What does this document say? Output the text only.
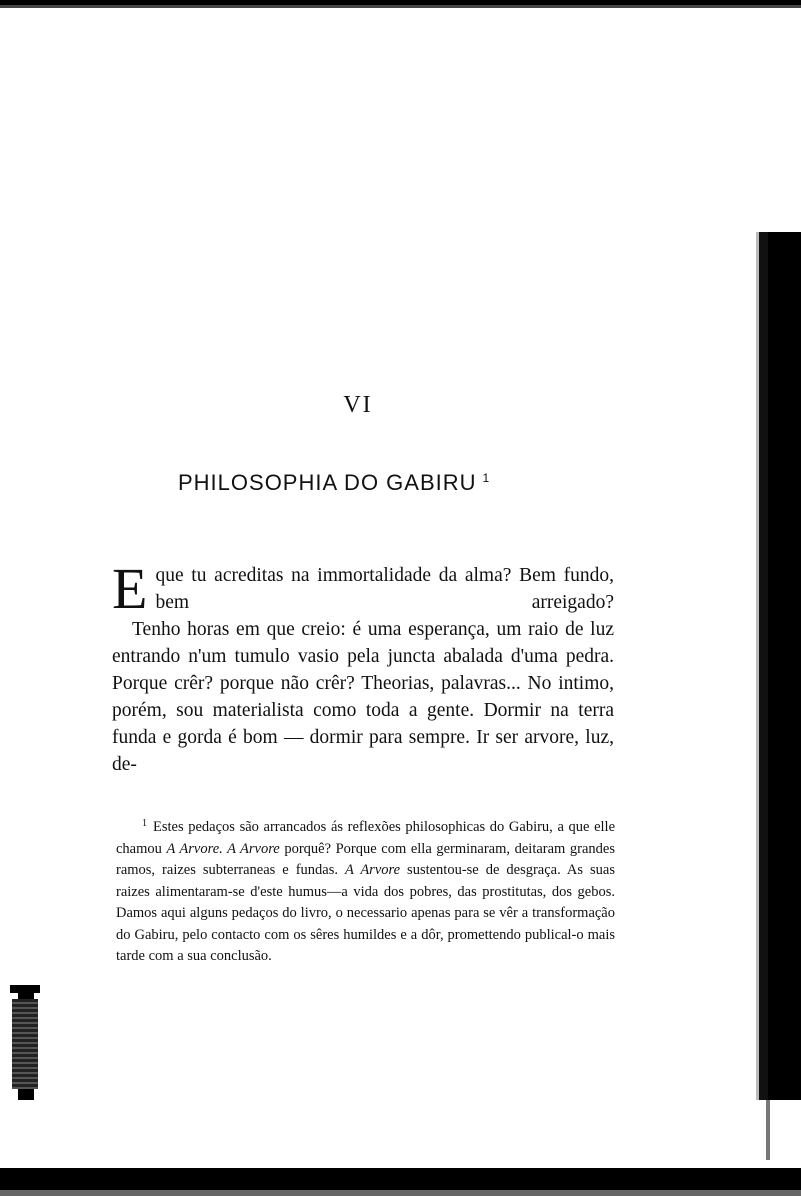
VI
PHILOSOPHIA DO GABIRU $^1$

Eque tu acreditas na immortalidade da alma? Bem fundo, bem arreigado?

Tenho horas em que creio: é uma esperança, um raio de luz entrando n'um tumulo vasio pela juncta abalada d'uma pedra. Porque crêr? porque não crêr? Theorias, palavras... No intimo, porém, sou materialista como toda a gente. Dormir na terra funda e gorda é bom — dormir para sempre. Ir ser arvore, luz, de-

$^1$ Estes pedaços são arrancados ás reflexões philosophicas do Gabiru, a que elle chamou A Arvore. A Arvore porquê? Porque com ella germinaram, deitaram grandes ramos, raizes subterraneas e fundas. A Arvore sustentou-se de desgraça. As suas raizes alimentaram-se d'este humus—a vida dos pobres, das prostitutas, dos gebos. Damos aqui alguns pedaços do livro, o necessario apenas para se vêr a transformação do Gabiru, pelo contacto com os sêres humildes e a dôr, promettendo publical-o mais tarde com a sua conclusão.
